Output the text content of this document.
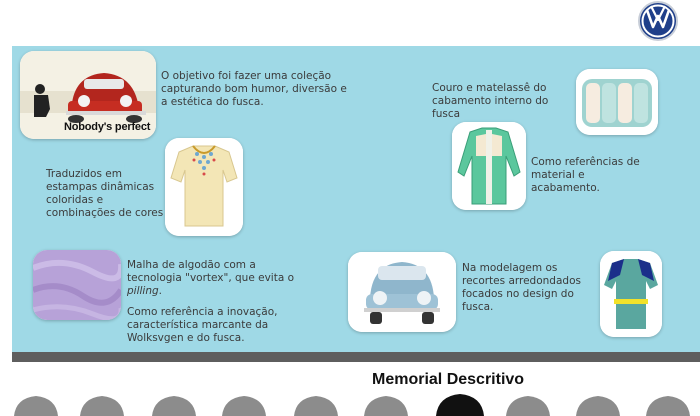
Nobody's perfect
O objetivo foi fazer uma coleção capturando bom humor, diversão e a estética do fusca.
Traduzidos em estampas dinâmicas coloridas e combinações de cores

Malha de algodão com a tecnologia "vortex", que evita o pilling.

Como referência a inovação, característica marcante da Wolksvgen e do fusca.

Couro e matelassê do cabamento interno do fusca
Como referências de material e acabamento.
Na modelagem os recortes arredondados focados no design do fusca.
Memorial Descritivo
